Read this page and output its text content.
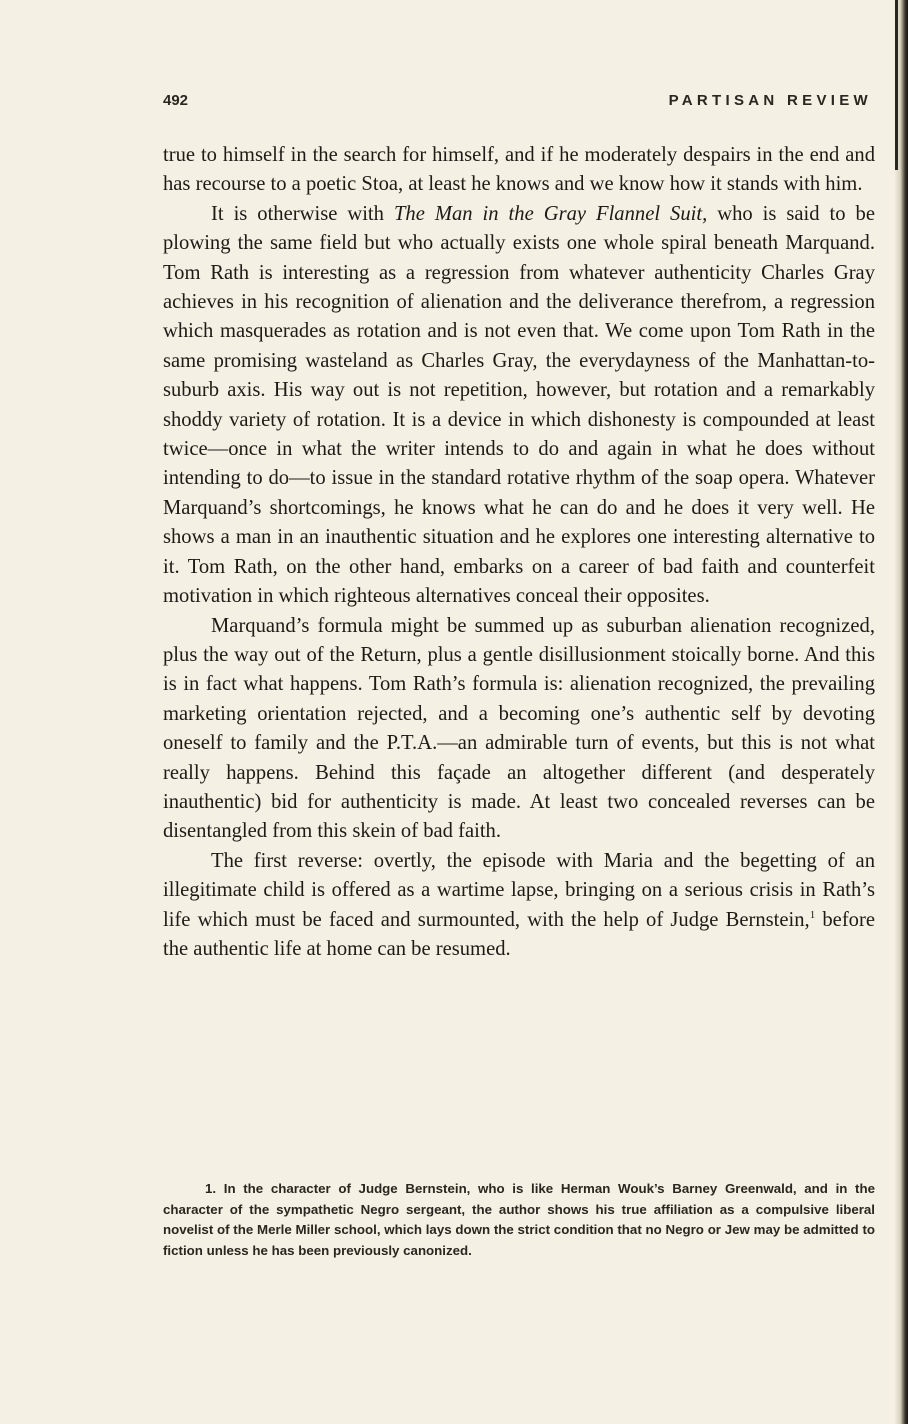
492	PARTISAN REVIEW

true to himself in the search for himself, and if he moderately despairs in the end and has recourse to a poetic Stoa, at least he knows and we know how it stands with him.

It is otherwise with The Man in the Gray Flannel Suit, who is said to be plowing the same field but who actually exists one whole spiral beneath Marquand. Tom Rath is interesting as a regression from whatever authenticity Charles Gray achieves in his recognition of alienation and the deliverance therefrom, a regression which masquerades as rotation and is not even that. We come upon Tom Rath in the same promising wasteland as Charles Gray, the everydayness of the Manhattan-to-suburb axis. His way out is not repetition, however, but rotation and a remarkably shoddy variety of rotation. It is a device in which dishonesty is compounded at least twice—once in what the writer intends to do and again in what he does without intending to do—to issue in the standard rotative rhythm of the soap opera. Whatever Marquand’s shortcomings, he knows what he can do and he does it very well. He shows a man in an inauthentic situation and he explores one interesting alternative to it. Tom Rath, on the other hand, embarks on a career of bad faith and counterfeit motivation in which righteous alternatives conceal their opposites.

Marquand’s formula might be summed up as suburban alienation recognized, plus the way out of the Return, plus a gentle disillusionment stoically borne. And this is in fact what happens. Tom Rath’s formula is: alienation recognized, the prevailing marketing orientation rejected, and a becoming one’s authentic self by devoting oneself to family and the P.T.A.—an admirable turn of events, but this is not what really happens. Behind this façade an altogether different (and desperately inauthentic) bid for authenticity is made. At least two concealed reverses can be disentangled from this skein of bad faith.

The first reverse: overtly, the episode with Maria and the begetting of an illegitimate child is offered as a wartime lapse, bringing on a serious crisis in Rath’s life which must be faced and surmounted, with the help of Judge Bernstein,$^1$ before the authentic life at home can be resumed.

1. In the character of Judge Bernstein, who is like Herman Wouk’s Barney Greenwald, and in the character of the sympathetic Negro sergeant, the author shows his true affiliation as a compulsive liberal novelist of the Merle Miller school, which lays down the strict condition that no Negro or Jew may be admitted to fiction unless he has been previously canonized.
